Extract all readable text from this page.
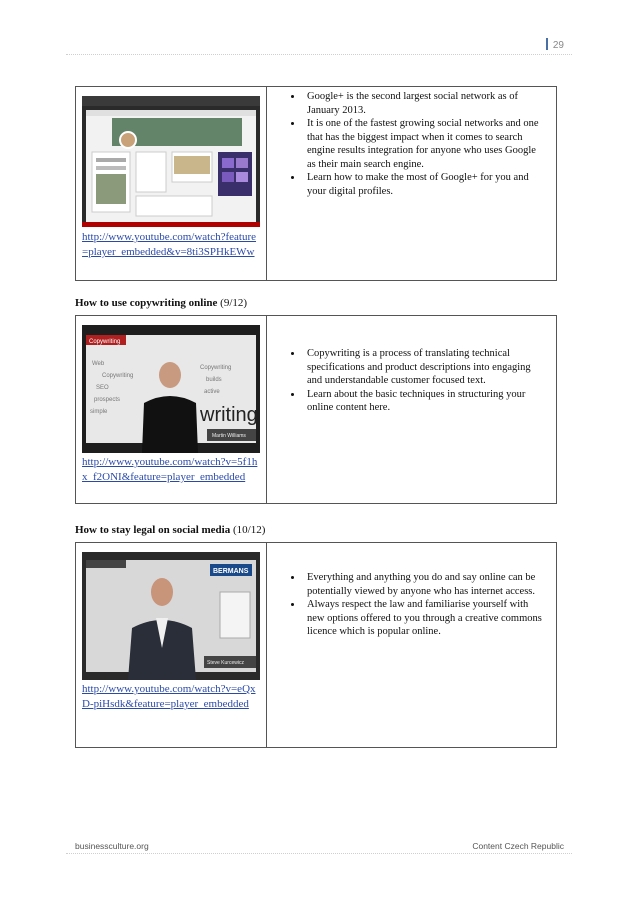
29
http://www.youtube.com/watch?feature=player_embedded&v=8ti3SPHkEWw
• Google+ is the second largest social network as of January 2013.
• It is one of the fastest growing social networks and one that has the biggest impact when it comes to search engine results integration for anyone who uses Google as their main search engine.
• Learn how to make the most of Google+ for you and your digital profiles.
How to use copywriting online (9/12)
Copywriting
Web
Copywriting
SEO
prospects
Copywriting
builds
active
simple	writing
Martin Williams
http://www.youtube.com/watch?v=5f1hx_f2ONI&feature=player_embedded
• Copywriting is a process of translating technical specifications and product descriptions into engaging and understandable customer focused text.
• Learn about the basic techniques in structuring your online content here.
How to stay legal on social media (10/12)
BERMANS
Steve Kurcewicz
http://www.youtube.com/watch?v=eQxD-piHsdk&feature=player_embedded
• Everything and anything you do and say online can be potentially viewed by anyone who has internet access.
• Always respect the law and familiarise yourself with new options offered to you through a creative commons licence which is popular online.
businessculture.org	Content Czech Republic
